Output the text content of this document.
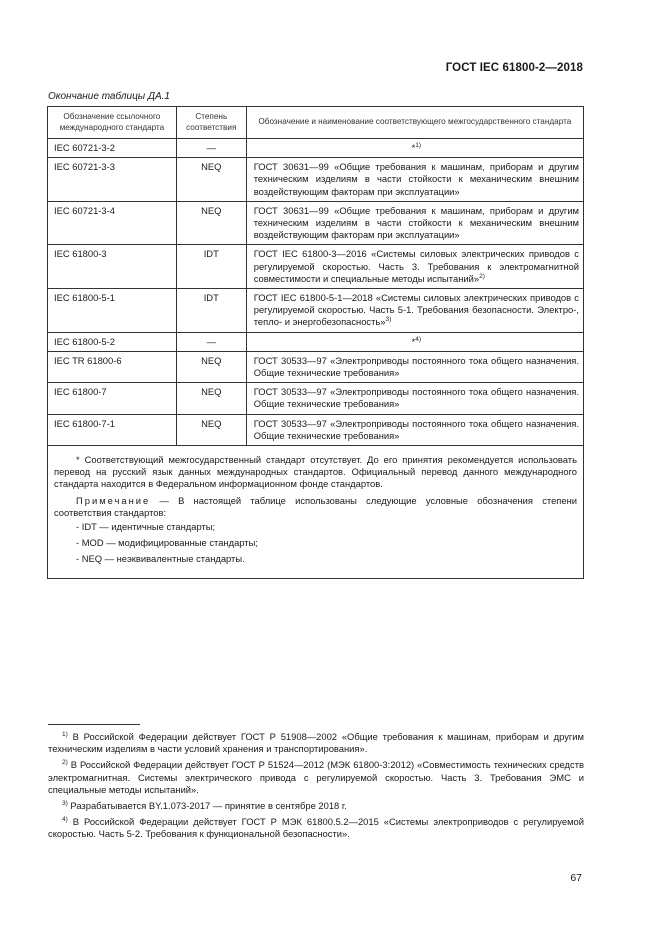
ГОСТ IEC 61800-2—2018
Окончание таблицы ДА.1
Обозначение ссылочного международного стандарта	Степень соответствия	Обозначение и наименование соответствующего межгосударственного стандарта
IEC 60721-3-2	—	*$^{1)}$
IEC 60721-3-3	NEQ	ГОСТ 30631—99 «Общие требования к машинам, приборам и другим техническим изделиям в части стойкости к механическим внешним воздействующим факторам при эксплуатации»
IEC 60721-3-4	NEQ	ГОСТ 30631—99 «Общие требования к машинам, приборам и другим техническим изделиям в части стойкости к механическим внешним воздействующим факторам при эксплуатации»
IEC 61800-3	IDT	ГОСТ IEC 61800-3—2016 «Системы силовых электрических приводов с регулируемой скоростью. Часть 3. Требования к электромагнитной совместимости и специальные методы испытаний»$^{2)}$
IEC 61800-5-1	IDT	ГОСТ IEC 61800-5-1—2018 «Системы силовых электрических приводов с регулируемой скоростью. Часть 5-1. Требования безопасности. Электро-, тепло- и энергобезопасность»$^{3)}$
IEC 61800-5-2	—	*$^{4)}$
IEC TR 61800-6	NEQ	ГОСТ 30533—97 «Электроприводы постоянного тока общего назначения. Общие технические требования»
IEC 61800-7	NEQ	ГОСТ 30533—97 «Электроприводы постоянного тока общего назначения. Общие технические требования»
IEC 61800-7-1	NEQ	ГОСТ 30533—97 «Электроприводы постоянного тока общего назначения. Общие технические требования»

* Соответствующий межгосударственный стандарт отсутствует. До его принятия рекомендуется использовать перевод на русский язык данных международных стандартов. Официальный перевод данного международного стандарта находится в Федеральном информационном фонде стандартов.

Примечание — В настоящей таблице использованы следующие условные обозначения степени соответствия стандартов:

- IDT — идентичные стандарты;
- MOD — модифицированные стандарты;
- NEQ — неэквивалентные стандарты.		

$^{1)}$ В Российской Федерации действует ГОСТ Р 51908—2002 «Общие требования к машинам, приборам и другим техническим изделиям в части условий хранения и транспортирования».

$^{2)}$ В Российской Федерации действует ГОСТ Р 51524—2012 (МЭК 61800-3:2012) «Совместимость технических средств электромагнитная. Системы электрического привода с регулируемой скоростью. Часть 3. Требования ЭМС и специальные методы испытаний».

$^{3)}$ Разрабатывается BY.1.073-2017 — принятие в сентябре 2018 г.

$^{4)}$ В Российской Федерации действует ГОСТ Р МЭК 61800.5.2—2015 «Системы электроприводов с регулируемой скоростью. Часть 5-2. Требования к функциональной безопасности».

67
